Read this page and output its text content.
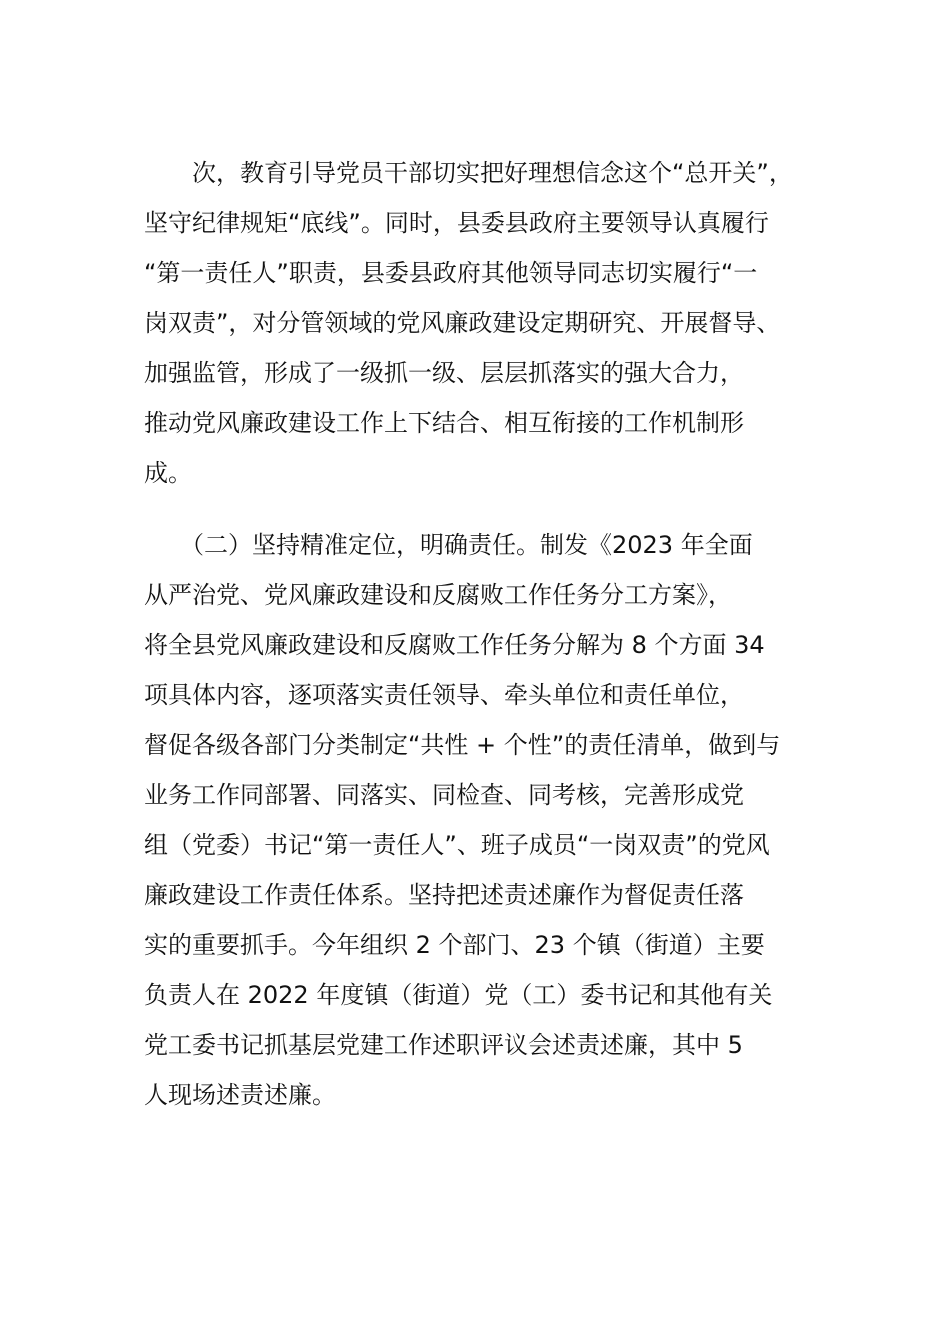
　　次，教育引导党员干部切实把好理想信念这个“总开关”，
坚守纪律规矩“底线”。同时，县委县政府主要领导认真履行
“第一责任人”职责，县委县政府其他领导同志切实履行“一
岗双责”，对分管领域的党风廉政建设定期研究、开展督导、
加强监管，形成了一级抓一级、层层抓落实的强大合力，
推动党风廉政建设工作上下结合、相互衔接的工作机制形
成。
　　（二）坚持精准定位，明确责任。制发《2023 年全面
从严治党、党风廉政建设和反腐败工作任务分工方案》，
将全县党风廉政建设和反腐败工作任务分解为 8 个方面 34
项具体内容，逐项落实责任领导、牵头单位和责任单位，
督促各级各部门分类制定“共性 + 个性”的责任清单，做到与
业务工作同部署、同落实、同检查、同考核，完善形成党
组（党委）书记“第一责任人”、班子成员“一岗双责”的党风
廉政建设工作责任体系。坚持把述责述廉作为督促责任落
实的重要抓手。今年组织 2 个部门、23 个镇（街道）主要
负责人在 2022 年度镇（街道）党（工）委书记和其他有关
党工委书记抓基层党建工作述职评议会述责述廉，其中 5
人现场述责述廉。
